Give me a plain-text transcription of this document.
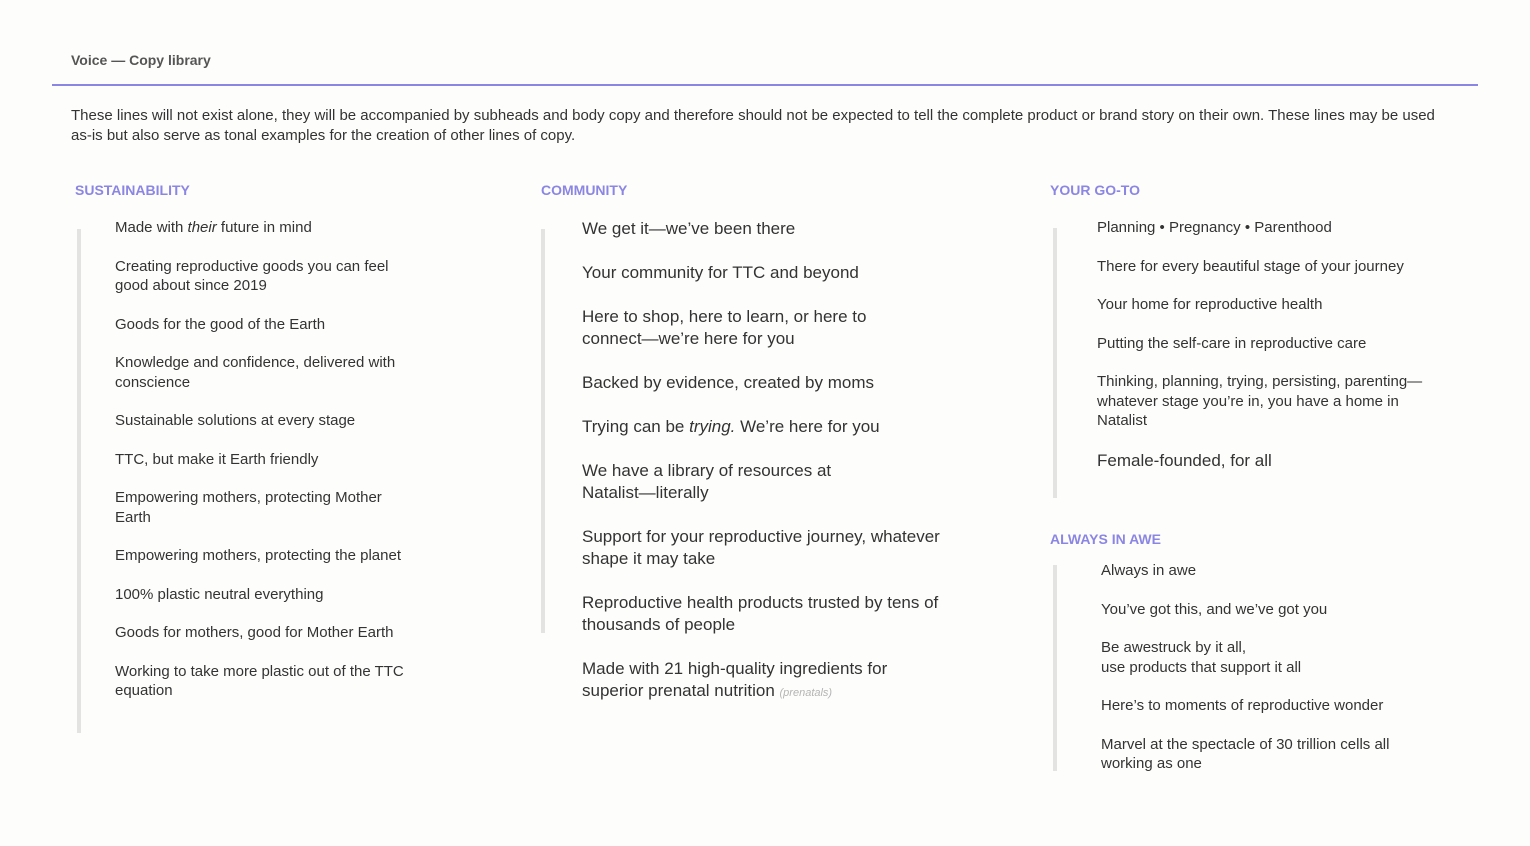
Voice — Copy library

These lines will not exist alone, they will be accompanied by subheads and body copy and therefore should not be expected to tell the complete product or brand story on their own. These lines may be used as-is but also serve as tonal examples for the creation of other lines of copy.

SUSTAINABILITY
Made with their future in mind
Creating reproductive goods you can feel good about since 2019
Goods for the good of the Earth
Knowledge and confidence, delivered with conscience
Sustainable solutions at every stage
TTC, but make it Earth friendly
Empowering mothers, protecting Mother Earth
Empowering mothers, protecting the planet
100% plastic neutral everything
Goods for mothers, good for Mother Earth
Working to take more plastic out of the TTC equation
COMMUNITY
We get it—we’ve been there
Your community for TTC and beyond
Here to shop, here to learn, or here to connect—we’re here for you
Backed by evidence, created by moms
Trying can be trying. We’re here for you
We have a library of resources at Natalist—literally
Support for your reproductive journey, whatever shape it may take
Reproductive health products trusted by tens of thousands of people
Made with 21 high-quality ingredients for superior prenatal nutrition (prenatals)
YOUR GO-TO
Planning • Pregnancy • Parenthood
There for every beautiful stage of your journey
Your home for reproductive health
Putting the self-care in reproductive care
Thinking, planning, trying, persisting, parenting—whatever stage you’re in, you have a home in Natalist
Female-founded, for all
ALWAYS IN AWE
Always in awe
You’ve got this, and we’ve got you
Be awestruck by it all,
use products that support it all
Here’s to moments of reproductive wonder
Marvel at the spectacle of 30 trillion cells all working as one
